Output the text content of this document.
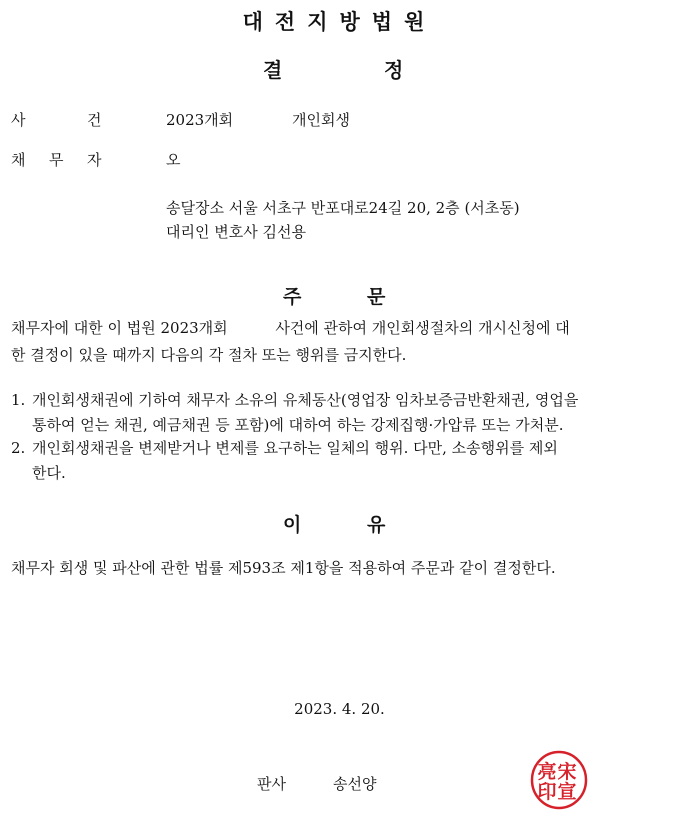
대전지방법원
결	정
사	건	2023개회	개인회생
채 무 자	오
송달장소 서울 서초구 반포대로24길 20, 2층 (서초동)
대리인 변호사 김선용
주	문

채무자에 대한 이 법원 2023개회          사건에 관하여 개인회생절차의 개시신청에 대

한 결정이 있을 때까지 다음의 각 절차 또는 행위를 금지한다.

1. 개인회생채권에 기하여 채무자 소유의 유체동산(영업장 임차보증금반환채권, 영업을
통하여 얻는 채권, 예금채권 등 포함)에 대하여 하는 강제집행·가압류 또는 가처분.
2. 개인회생채권을 변제받거나 변제를 요구하는 일체의 행위. 다만, 소송행위를 제외
한다.
이	유
채무자 회생 및 파산에 관한 법률 제593조 제1항을 적용하여 주문과 같이 결정한다.
2023. 4. 20.
판사	송선양
宋
宣
亮
印
